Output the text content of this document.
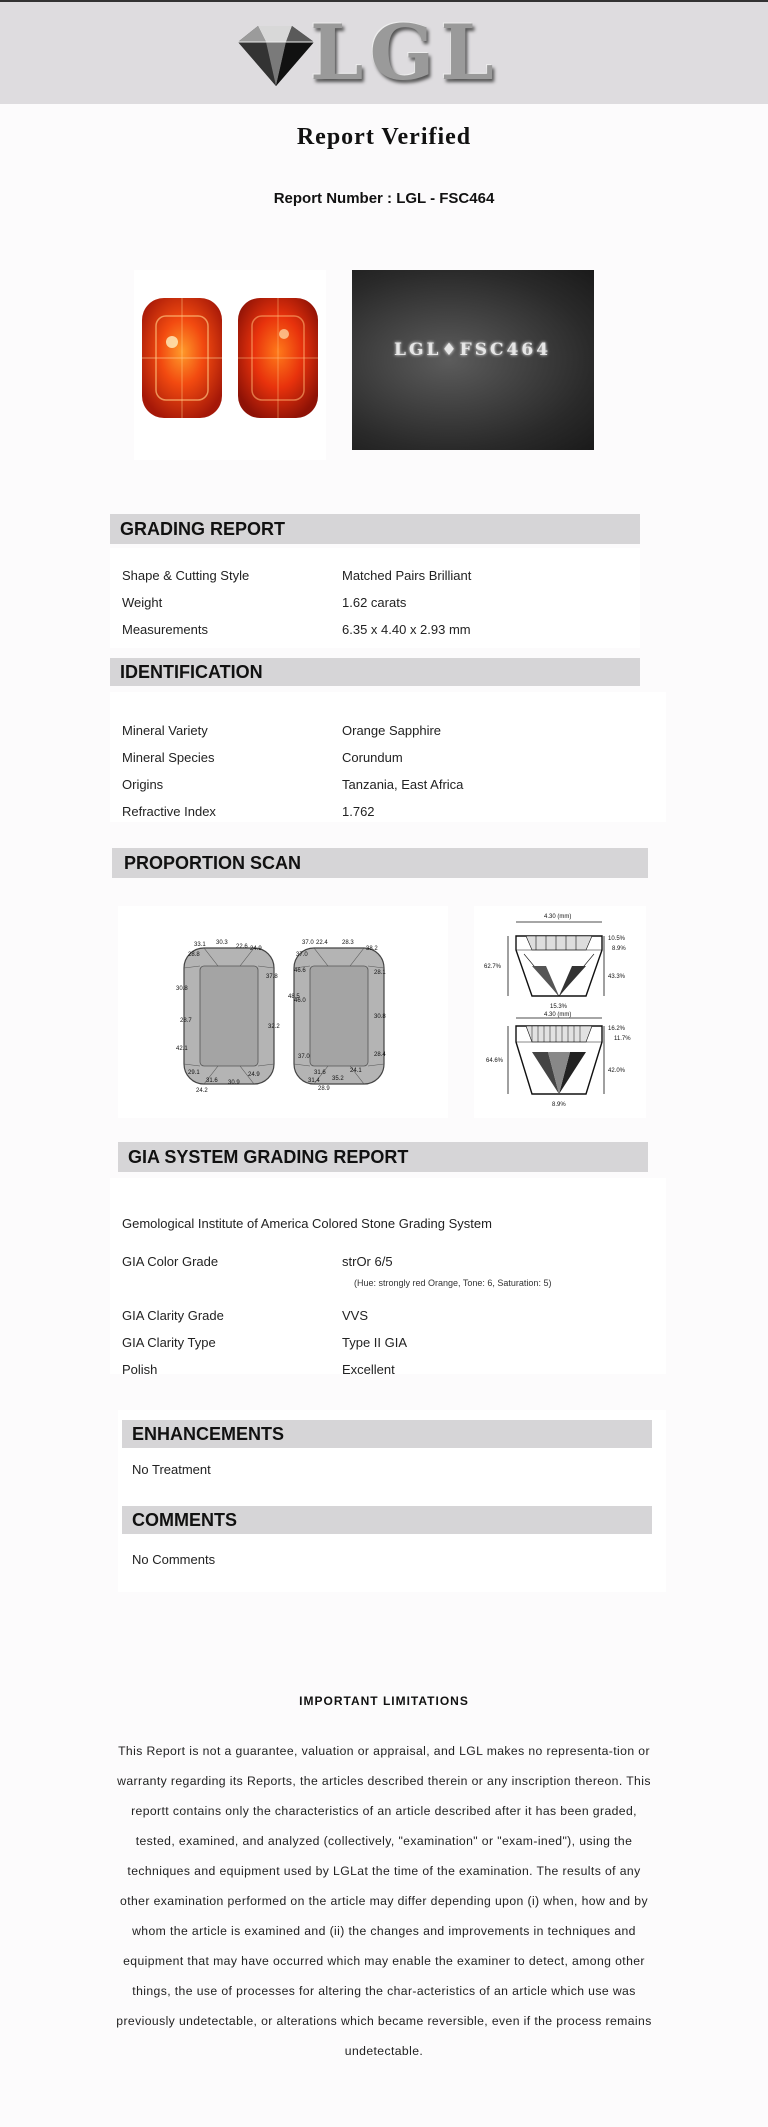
LGL
Report Verified
Report Number : LGL - FSC464
LGL♦FSC464
GRADING REPORT
Shape & Cutting Style	Matched Pairs Brilliant
Weight	1.62 carats
Measurements	6.35 x 4.40 x 2.93 mm
IDENTIFICATION
Mineral Variety	Orange Sapphire
Mineral Species	Corundum
Origins	Tanzania, East Africa
Refractive Index	1.762
PROPORTION SCAN
33.1 30.3
22.6 24.9
28.8
30.8
37.8
28.7
32.2
42.1
29.1
31.6 30.9
24.2
24.9
37.0 22.4 28.3
38.2
37.0
46.6
48.5
46.0
28.1
30.8
37.0	28.4
31.6
35.2
24.1
31.4
28.9
4.30 (mm)
62.7%
10.5%
8.9%
43.3%
15.3%
4.30 (mm)
64.6%
16.2%
11.7%
42.0%
8.9%
GIA SYSTEM GRADING REPORT
Gemological Institute of America Colored Stone Grading System
GIA Color Grade	strOr 6/5
(Hue: strongly red Orange, Tone: 6, Saturation: 5)
GIA Clarity Grade	VVS
GIA Clarity Type	Type II GIA
Polish	Excellent
ENHANCEMENTS
No Treatment
COMMENTS
No Comments
IMPORTANT LIMITATIONS
This Report is not a guarantee, valuation or appraisal, and LGL makes no representa-tion or warranty regarding its Reports, the articles described therein or any inscription thereon. This reportt contains only the characteristics of an article described after it has been graded, tested, examined, and analyzed (collectively, "examination" or "exam-ined"), using the techniques and equipment used by LGLat the time of the examination. The results of any other examination performed on the article may differ depending upon (i) when, how and by whom the article is examined and (ii) the changes and improvements in techniques and equipment that may have occurred which may enable the examiner to detect, among other things, the use of processes for altering the char-acteristics of an article which use was previously undetectable, or alterations which became reversible, even if the process remains undetectable.
